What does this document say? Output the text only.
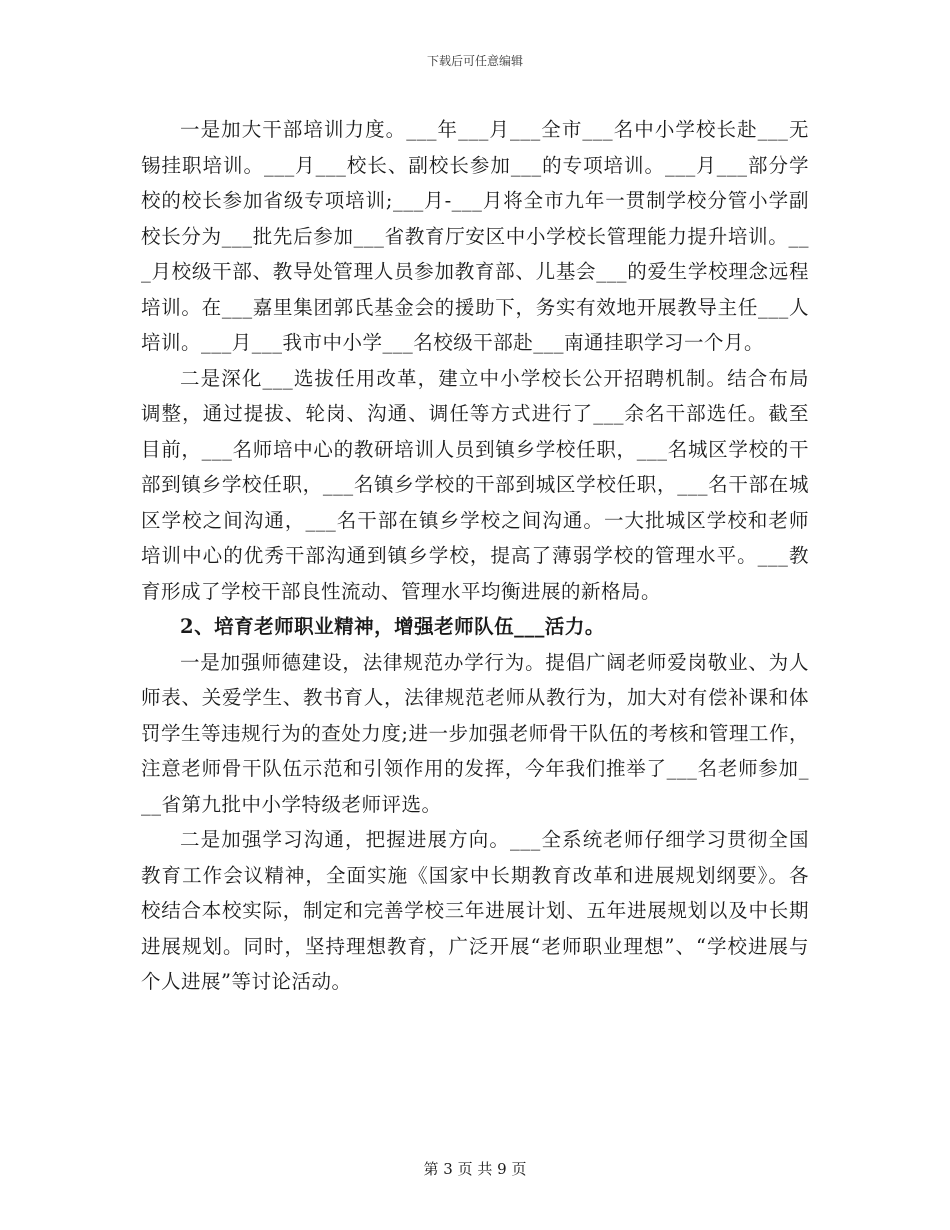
下载后可任意编辑

一是加大干部培训力度。___年___月___全市___名中小学校长赴___无锡挂职培训。___月___校长、副校长参加___的专项培训。___月___部分学校的校长参加省级专项培训;___月-___月将全市九年一贯制学校分管小学副校长分为___批先后参加___省教育厅安区中小学校长管理能力提升培训。___月校级干部、教导处管理人员参加教育部、儿基会___的爱生学校理念远程培训。在___嘉里集团郭氏基金会的援助下，务实有效地开展教导主任___人培训。___月___我市中小学___名校级干部赴___南通挂职学习一个月。

二是深化___选拔任用改革，建立中小学校长公开招聘机制。结合布局调整，通过提拔、轮岗、沟通、调任等方式进行了___余名干部选任。截至目前，___名师培中心的教研培训人员到镇乡学校任职，___名城区学校的干部到镇乡学校任职，___名镇乡学校的干部到城区学校任职，___名干部在城区学校之间沟通，___名干部在镇乡学校之间沟通。一大批城区学校和老师培训中心的优秀干部沟通到镇乡学校，提高了薄弱学校的管理水平。___教育形成了学校干部良性流动、管理水平均衡进展的新格局。

2、培育老师职业精神，增强老师队伍___活力。

一是加强师德建设，法律规范办学行为。提倡广阔老师爱岗敬业、为人师表、关爱学生、教书育人，法律规范老师从教行为，加大对有偿补课和体罚学生等违规行为的查处力度;进一步加强老师骨干队伍的考核和管理工作，注意老师骨干队伍示范和引领作用的发挥，今年我们推举了___名老师参加___省第九批中小学特级老师评选。

二是加强学习沟通，把握进展方向。___全系统老师仔细学习贯彻全国教育工作会议精神，全面实施《国家中长期教育改革和进展规划纲要》。各校结合本校实际，制定和完善学校三年进展计划、五年进展规划以及中长期进展规划。同时，坚持理想教育，广泛开展“老师职业理想”、“学校进展与个人进展”等讨论活动。

第 3 页 共 9 页
